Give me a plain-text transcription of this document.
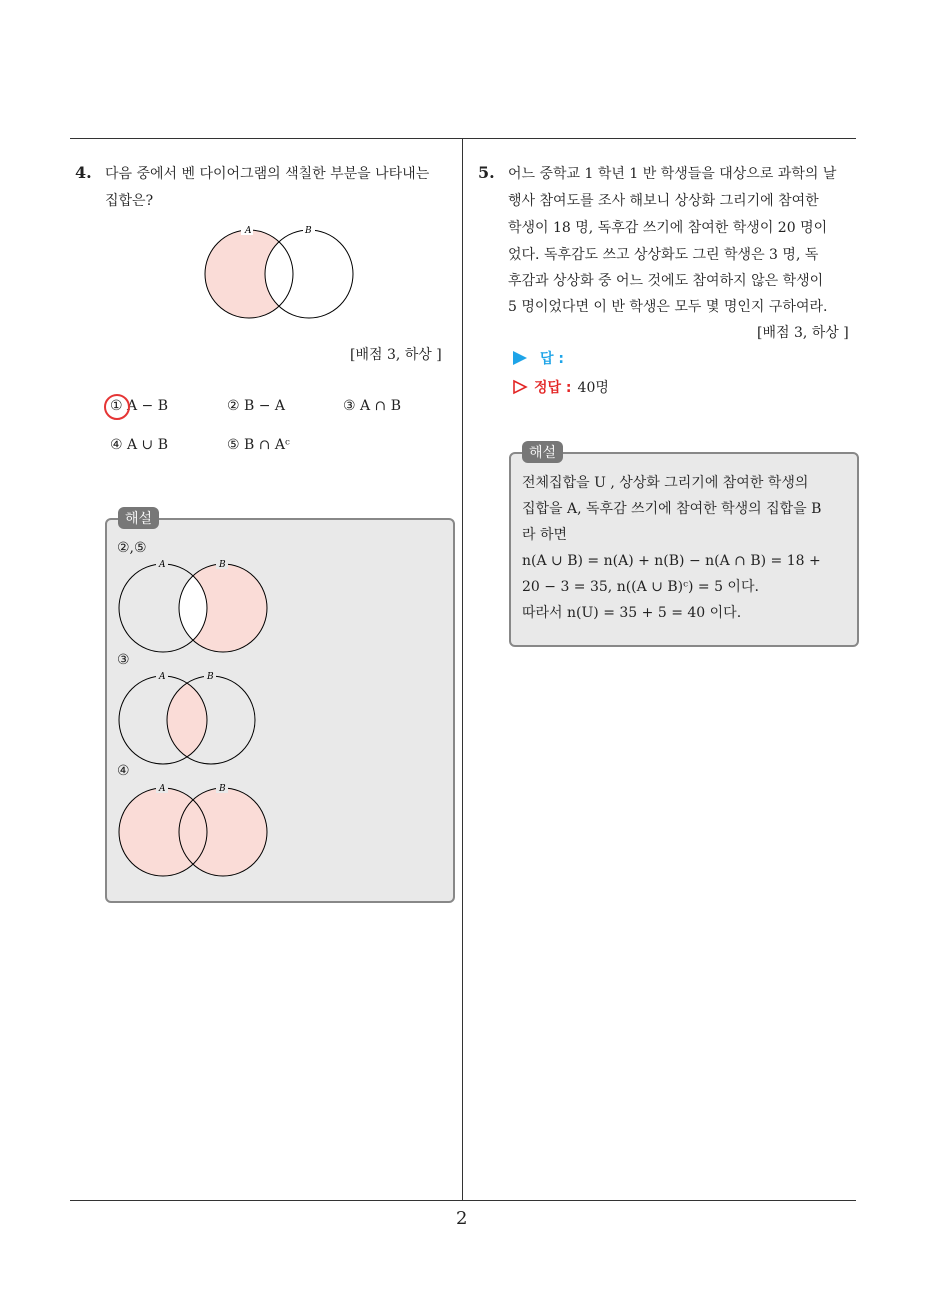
4. 다음 중에서 벤 다이어그램의 색칠한 부분을 나타내는
집합은?
A	B
[배점 3, 하상 ]
① A − B	② B − A	③ A ∩ B
④ A ∪ B	⑤ B ∩ Aᶜ
해설
②,⑤
A	B
③
A	B
④
A	B
5. 어느 중학교 1 학년 1 반 학생들을 대상으로 과학의 날
행사 참여도를 조사 해보니 상상화 그리기에 참여한
학생이 18 명, 독후감 쓰기에 참여한 학생이 20 명이
었다. 독후감도 쓰고 상상화도 그린 학생은 3 명, 독
후감과 상상화 중 어느 것에도 참여하지 않은 학생이
5 명이었다면 이 반 학생은 모두 몇 명인지 구하여라.
[배점 3, 하상 ]
답 :
정답 : 40명
해설
전체집합을 U , 상상화 그리기에 참여한 학생의
집합을 A, 독후감 쓰기에 참여한 학생의 집합을 B
라 하면
n(A ∪ B) = n(A) + n(B) − n(A ∩ B) = 18 +
20 − 3 = 35, n((A ∪ B)ᶜ) = 5 이다.
따라서 n(U) = 35 + 5 = 40 이다.
2
